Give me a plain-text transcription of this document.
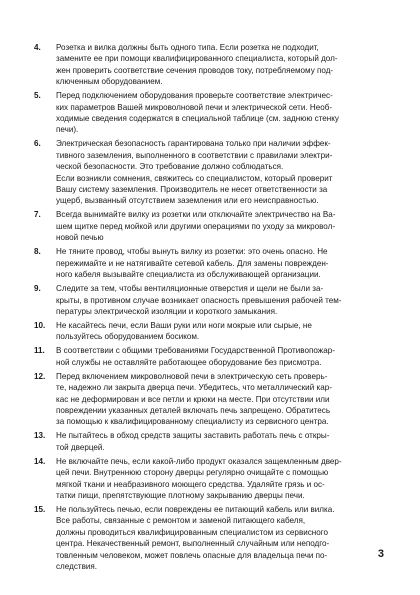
4.	Розетка и вилка должны быть одного типа. Если розетка не подходит,
замените ее при помощи квалифицированного специалиста, который дол-
жен проверить соответствие сечения проводов току, потребляемому под-
ключенным оборудованием.
5.	Перед подключением оборудования проверьте соответствие электричес-
ких параметров Вашей микроволновой печи и электрической сети. Необ-
ходимые сведения содержатся в специальной таблице (см. заднюю стенку
печи).
6.	Электрическая безопасность гарантирована только при наличии эффек-
тивного заземления, выполненного в соответствии с правилами электри-
ческой безопасности. Это требование должно соблюдаться.
Если возникли сомнения, свяжитесь со специалистом, который проверит
Вашу систему заземления. Производитель не несет ответственности за
ущерб, вызванный отсутствием заземления или его неисправностью.
7.	Всегда вынимайте вилку из розетки или отключайте электричество на Ва-
шем щитке перед мойкой или другими операциями по уходу за микровол-
новой печью
8.	Не тяните провод, чтобы вынуть вилку из розетки: это очень опасно. Не
пережимайте и не натягивайте сетевой кабель. Для замены поврежден-
ного кабеля вызывайте специалиста из обслуживающей организации.
9.	Следите за тем, чтобы вентиляционные отверстия и щели не были за-
крыты, в противном случае возникает опасность превышения рабочей тем-
пературы электрической изоляции и короткого замыкания.
10.	Не касайтесь печи, если Ваши руки или ноги мокрые или сырые, не
пользуйтесь оборудованием босиком.
11.	В соответствии с общими требованиями Государственной Противопожар-
ной службы не оставляйте работающее оборудование без присмотра.
12.	Перед включением микроволновой печи в электрическую сеть проверь-
те, надежно ли закрыта дверца печи. Убедитесь, что металлический кар-
кас не деформирован и все петли и крюки на месте. При отсутствии или
повреждении указанных деталей включать печь запрещено. Обратитесь
за помощью к квалифицированному специалисту из сервисного центра.
13.	Не пытайтесь в обход средств защиты заставить работать печь с откры-
той дверцей.
14.	Не включайте печь, если какой-либо продукт оказался защемленным двер-
цей печи. Внутреннюю сторону дверцы регулярно очищайте с помощью
мягкой ткани и неабразивного моющего средства. Удаляйте грязь и ос-
татки пищи, препятствующие плотному закрыванию дверцы печи.
15.	Не пользуйтесь печью, если повреждены ее питающий кабель или вилка.
Все работы, связанные с ремонтом и заменой питающего кабеля,
должны проводиться квалифицированным специалистом из сервисного
центра. Некачественный ремонт, выполненный случайным или неподго-
товленным человеком, может повлечь опасные для владельца печи по-
следствия.
3
